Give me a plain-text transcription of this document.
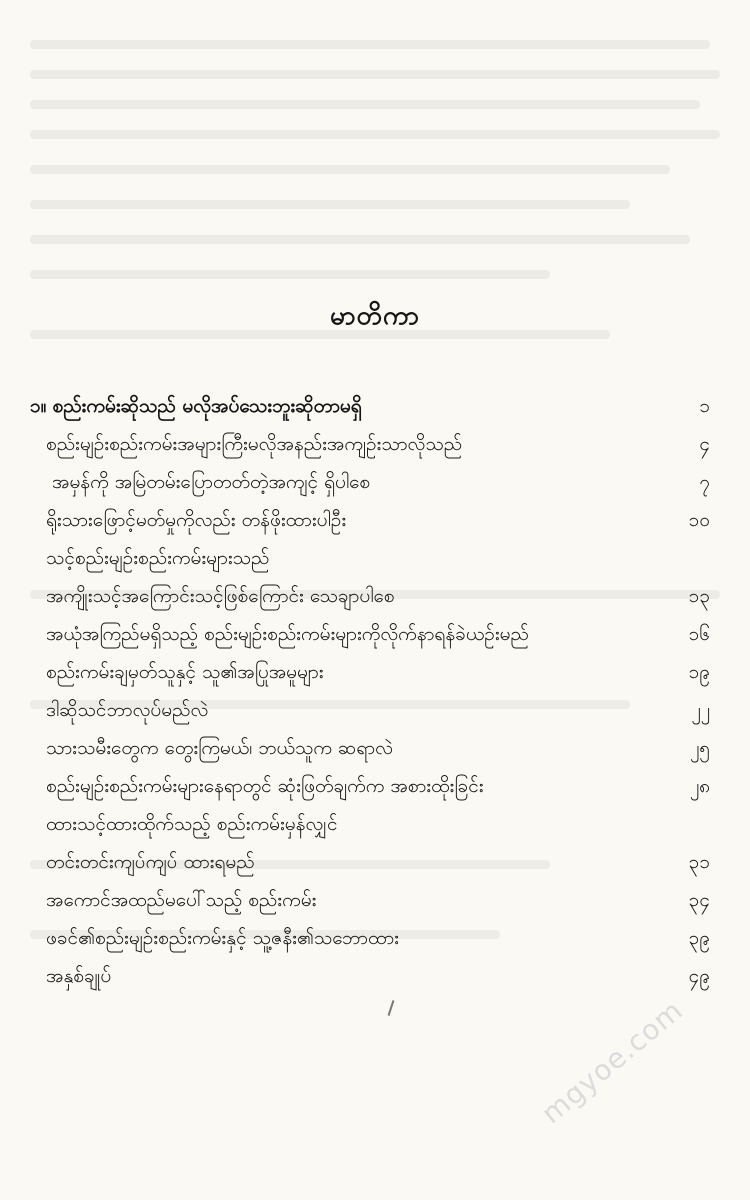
မာတိကာ
၁။ စည်းကမ်းဆိုသည် မလိုအပ်သေးဘူးဆိုတာမရှိ	၁
စည်းမျဉ်းစည်းကမ်းအများကြီးမလိုအနည်းအကျဉ်းသာလိုသည်	၄
အမှန်ကို အမြဲတမ်းပြောတတ်တဲ့အကျင့် ရှိပါစေ	၇
ရိုးသားဖြောင့်မတ်မှုကိုလည်း တန်ဖိုးထားပါဦး	၁၀
သင့်စည်းမျဉ်းစည်းကမ်းများသည်
အကျိုးသင့်အကြောင်းသင့်ဖြစ်ကြောင်း သေချာပါစေ	၁၃
အယုံအကြည်မရှိသည့် စည်းမျဉ်းစည်းကမ်းများကိုလိုက်နာရန်ခဲယဉ်းမည်	၁၆
စည်းကမ်းချမှတ်သူနှင့် သူ၏အပြုအမူများ	၁၉
ဒါဆိုသင်ဘာလုပ်မည်လဲ	၂၂
သားသမီးတွေက တွေးကြမယ်၊ ဘယ်သူက ဆရာလဲ	၂၅
စည်းမျဉ်းစည်းကမ်းများနေရာတွင် ဆုံးဖြတ်ချက်က အစားထိုးခြင်း	၂၈
ထားသင့်ထားထိုက်သည့် စည်းကမ်းမှန်လျှင်
တင်းတင်းကျပ်ကျပ် ထားရမည်	၃၁
အကောင်အထည်မပေါ်သည့် စည်းကမ်း	၃၄
ဖခင်၏စည်းမျဉ်းစည်းကမ်းနှင့် သူ့ဇနီး၏သဘောထား	၃၉
အနှစ်ချုပ်	၄၉
mgyoe.com
